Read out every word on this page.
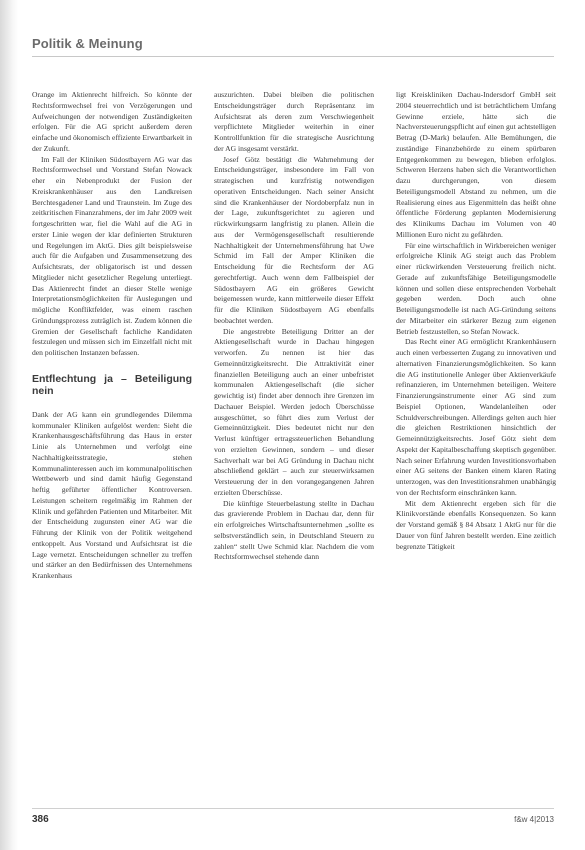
Politik & Meinung

Orange im Aktienrecht hilfreich. So könnte der Rechtsformwechsel frei von Verzögerungen und Aufweichungen der notwendigen Zuständigkeiten erfolgen. Für die AG spricht außerdem deren einfache und ökonomisch effiziente Erwartbarkeit in der Zukunft.

Im Fall der Kliniken Südostbayern AG war das Rechtsformwechsel und Vorstand Stefan Nowack eher ein Nebenprodukt der Fusion der Kreiskrankenhäuser aus den Landkreisen Berchtesgadener Land und Traunstein. Im Zuge des zeitkritischen Finanzrahmens, der im Jahr 2009 weit fortgeschritten war, fiel die Wahl auf die AG in erster Linie wegen der klar definierten Strukturen und Regelungen im AktG. Dies gilt beispielsweise auch für die Aufgaben und Zusammensetzung des Aufsichtsrats, der obligatorisch ist und dessen Mitglieder nicht gesetzlicher Regelung unterliegt. Das Aktienrecht findet an dieser Stelle wenige Interpretationsmöglichkeiten für Auslegungen und mögliche Konfliktfelder, was einem raschen Gründungsprozess zuträglich ist. Zudem können die Gremien der Gesellschaft fachliche Kandidaten festzulegen und müssen sich im Einzelfall nicht mit den politischen Instanzen befassen.

Entflechtung ja – Beteiligung nein

Dank der AG kann ein grundlegendes Dilemma kommunaler Kliniken aufgelöst werden: Sieht die Krankenhausgeschäftsführung das Haus in erster Linie als Unternehmen und verfolgt eine Nachhaltigkeitsstrategie, stehen Kommunalinteressen auch im kommunalpolitischen Wettbewerb und sind damit häufig Gegenstand heftig geführter öffentlicher Kontroversen. Leistungen scheitern regelmäßig im Rahmen der Klinik und gefährden Patienten und Mitarbeiter. Mit der Entscheidung zugunsten einer AG war die Führung der Klinik von der Politik weitgehend entkoppelt. Aus Vorstand und Aufsichtsrat ist die Lage vernetzt. Entscheidungen schneller zu treffen und stärker an den Bedürfnissen des Unternehmens Krankenhaus

auszurichten. Dabei bleiben die politischen Entscheidungsträger durch Repräsentanz im Aufsichtsrat als deren zum Verschwiegenheit verpflichtete Mitglieder weiterhin in einer Kontrollfunktion für die strategische Ausrichtung der AG insgesamt verstärkt.

Josef Götz bestätigt die Wahrnehmung der Entscheidungsträger, insbesondere im Fall von strategischen und kurzfristig notwendigen operativen Entscheidungen. Nach seiner Ansicht sind die Krankenhäuser der Nordoberpfalz nun in der Lage, zukunftsgerichtet zu agieren und rückwirkungsarm langfristig zu planen. Allein die aus der Vermögensgesellschaft resultierende Nachhaltigkeit der Unternehmensführung hat Uwe Schmid im Fall der Amper Kliniken die Entscheidung für die Rechtsform der AG gerechtfertigt. Auch wenn dem Fallbeispiel der Südostbayern AG ein größeres Gewicht beigemessen wurde, kann mittlerweile dieser Effekt für die Kliniken Südostbayern AG ebenfalls beobachtet werden.

Die angestrebte Beteiligung Dritter an der Aktiengesellschaft wurde in Dachau hingegen verworfen. Zu nennen ist hier das Gemeinnützigkeitsrecht. Die Attraktivität einer finanziellen Beteiligung auch an einer unbefristet kommunalen Aktiengesellschaft (die sicher gewichtig ist) findet aber dennoch ihre Grenzen im Dachauer Beispiel. Werden jedoch Überschüsse ausgeschüttet, so führt dies zum Verlust der Gemeinnützigkeit. Dies bedeutet nicht nur den Verlust künftiger ertragssteuerlichen Behandlung von erzielten Gewinnen, sondern – und dieser Sachverhalt war bei AG Gründung in Dachau nicht abschließend geklärt – auch zur steuerwirksamen Versteuerung der in den vorangegangenen Jahren erzielten Überschüsse.

Die künftige Steuerbelastung stellte in Dachau das gravierende Problem in Dachau dar, denn für ein erfolgreiches Wirtschaftsunternehmen „sollte es selbstverständlich sein, in Deutschland Steuern zu zahlen“ stellt Uwe Schmid klar. Nachdem die vom Rechtsformwechsel stehende dann

ligt Kreiskliniken Dachau-Indersdorf GmbH seit 2004 steuerrechtlich und ist beträchtlichem Umfang Gewinne erziele, hätte sich die Nachversteuerungspflicht auf einen gut achtstelligen Betrag (D-Mark) belaufen. Alle Bemühungen, die zuständige Finanzbehörde zu einem spürbaren Entgegenkommen zu bewegen, blieben erfolglos. Schweren Herzens haben sich die Verantwortlichen dazu durchgerungen, von diesem Beteiligungsmodell Abstand zu nehmen, um die Realisierung eines aus Eigenmitteln das heißt ohne öffentliche Förderung geplanten Modernisierung des Klinikums Dachau im Volumen von 40 Millionen Euro nicht zu gefährden.

Für eine wirtschaftlich in Wirkbereichen weniger erfolgreiche Klinik AG steigt auch das Problem einer rückwirkenden Versteuerung freilich nicht. Gerade auf zukunftsfähige Beteiligungsmodelle können und sollen diese entsprechenden Vorbehalt gegeben werden. Doch auch ohne Beteiligungsmodelle ist nach AG-Gründung seitens der Mitarbeiter ein stärkerer Bezug zum eigenen Betrieb festzustellen, so Stefan Nowack.

Das Recht einer AG ermöglicht Krankenhäusern auch einen verbesserten Zugang zu innovativen und alternativen Finanzierungsmöglichkeiten. So kann die AG institutionelle Anleger über Aktienverkäufe refinanzieren, im Unternehmen beteiligen. Weitere Finanzierungsinstrumente einer AG sind zum Beispiel Optionen, Wandelanleihen oder Schuldverschreibungen. Allerdings gelten auch hier die gleichen Restriktionen hinsichtlich der Gemeinnützigkeitsrechts. Josef Götz sieht dem Aspekt der Kapitalbeschaffung skeptisch gegenüber. Nach seiner Erfahrung wurden Investitionsvorhaben einer AG seitens der Banken einem klaren Rating unterzogen, was den Investitionsrahmen unabhängig von der Rechtsform einschränken kann.

Mit dem Aktienrecht ergeben sich für die Klinikvorstände ebenfalls Konsequenzen. So kann der Vorstand gemäß § 84 Absatz 1 AktG nur für die Dauer von fünf Jahren bestellt werden. Eine zeitlich begrenzte Tätigkeit

386	f&w 4|2013
